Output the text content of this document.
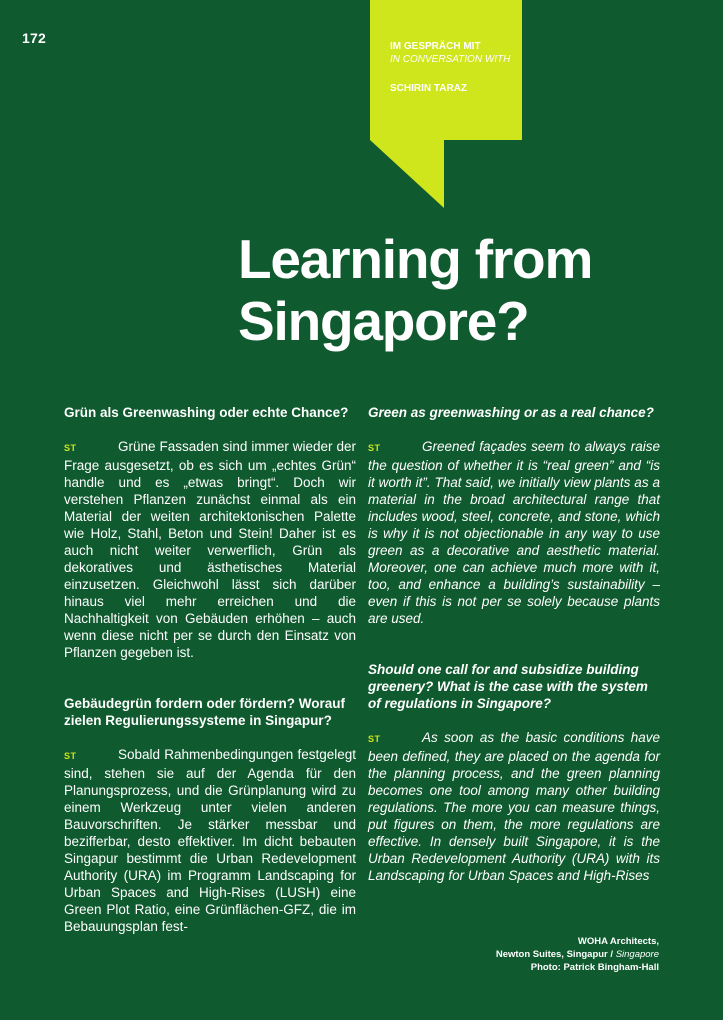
172
IM GESPRÄCH MIT
IN CONVERSATION WITH
SCHIRIN TARAZ
Learning from Singapore?
Grün als Greenwashing oder echte Chance?
ST	Grüne Fassaden sind immer wieder der Frage ausgesetzt, ob es sich um „echtes Grün“ handle und es „etwas bringt“. Doch wir verstehen Pflanzen zunächst einmal als ein Material der weiten architektonischen Palette wie Holz, Stahl, Beton und Stein! Daher ist es auch nicht weiter verwerflich, Grün als dekoratives und ästhetisches Material einzusetzen. Gleichwohl lässt sich darüber hinaus viel mehr erreichen und die Nachhaltigkeit von Gebäuden erhöhen – auch wenn diese nicht per se durch den Einsatz von Pflanzen gegeben ist.
Gebäudegrün fordern oder fördern? Worauf zielen Regulierungssysteme in Singapur?
ST	Sobald Rahmenbedingungen festgelegt sind, stehen sie auf der Agenda für den Planungsprozess, und die Grünplanung wird zu einem Werkzeug unter vielen anderen Bauvorschriften. Je stärker messbar und bezifferbar, desto effektiver. Im dicht bebauten Singapur bestimmt die Urban Redevelopment Authority (URA) im Programm Landscaping for Urban Spaces and High-Rises (LUSH) eine Green Plot Ratio, eine Grünflächen-GFZ, die im Bebauungsplan fest-
Green as greenwashing or as a real chance?
ST	Greened façades seem to always raise the question of whether it is “real green” and “is it worth it”. That said, we initially view plants as a material in the broad architectural range that includes wood, steel, concrete, and stone, which is why it is not objectionable in any way to use green as a decorative and aesthetic material. Moreover, one can achieve much more with it, too, and enhance a building’s sustainability – even if this is not per se solely because plants are used.
Should one call for and subsidize building greenery? What is the case with the system of regulations in Singapore?
ST	As soon as the basic conditions have been defined, they are placed on the agenda for the planning process, and the green planning becomes one tool among many other building regulations. The more you can measure things, put figures on them, the more regulations are effective. In densely built Singapore, it is the Urban Redevelopment Authority (URA) with its Landscaping for Urban Spaces and High-Rises
WOHA Architects,
Newton Suites, Singapur / Singapore
Photo: Patrick Bingham-Hall
